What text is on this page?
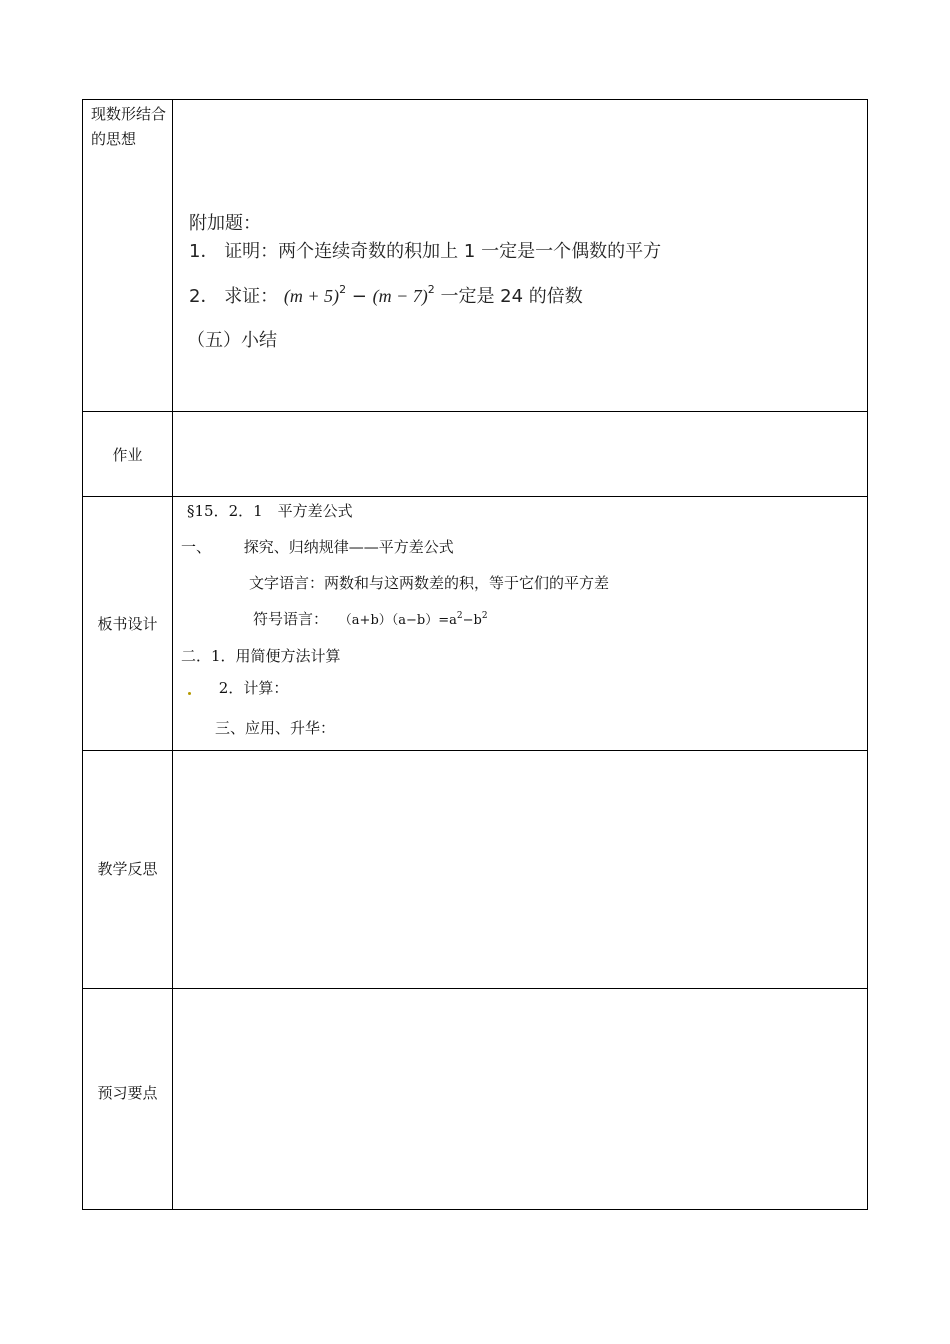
现数形结合的思想
附加题：
1． 证明：两个连续奇数的积加上 1 一定是一个偶数的平方
2． 求证： $(m + 5)^2 - (m - 7)^2$ 一定是 24 的倍数
（五）小结
作业
板书设计
§15．2．1　平方差公式
一、 探究、归纳规律——平方差公式
文字语言：两数和与这两数差的积，等于它们的平方差
符号语言： $(a+b)(a-b)=a^2-b^2$
二．1．用简便方法计算
2．计算：
三、应用、升华：
教学反思
预习要点
